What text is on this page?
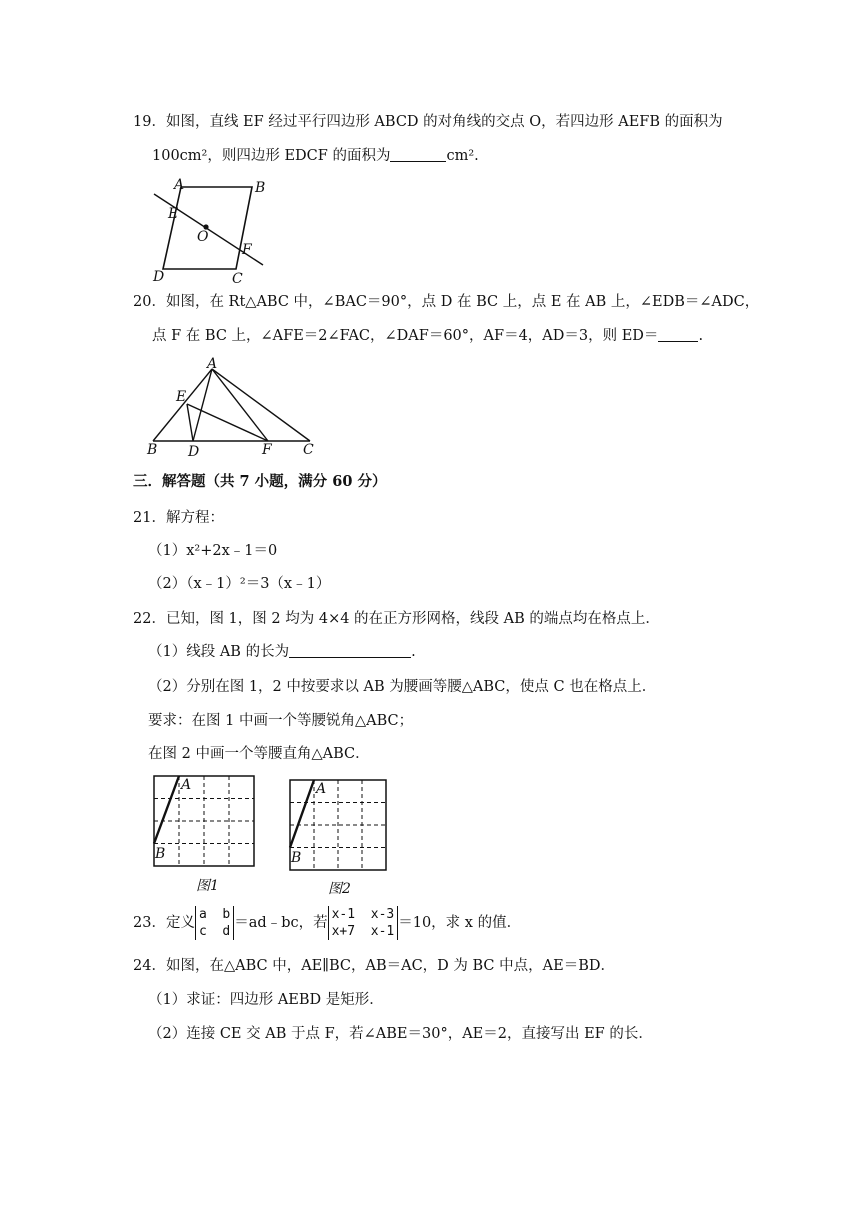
19．如图，直线 EF 经过平行四边形 ABCD 的对角线的交点 O，若四边形 AEFB 的面积为
100cm²，则四边形 EDCF 的面积为	cm².
A	B
C
D
E
F
O
20．如图，在 Rt△ABC 中，∠BAC＝90°，点 D 在 BC 上，点 E 在 AB 上，∠EDB＝∠ADC，
点 F 在 BC 上，∠AFE＝2∠FAC，∠DAF＝60°，AF＝4，AD＝3，则 ED＝	.
A
B	C
D
E
F
三．解答题（共 7 小题，满分 60 分）
21．解方程：
（1）x²+2x﹣1＝0
（2）（x﹣1）²＝3（x﹣1）
22．已知，图 1，图 2 均为 4×4 的在正方形网格，线段 AB 的端点均在格点上．
（1）线段 AB 的长为	.
（2）分别在图 1，2 中按要求以 AB 为腰画等腰△ABC，使点 C 也在格点上．
要求：在图 1 中画一个等腰锐角△ABC；
在图 2 中画一个等腰直角△ABC．
A
B
图1
A
B
图2
23．定义
a  b
c  d
＝ad﹣bc，若
x-1  x-3
x+7  x-1
＝10，求 x 的值．
24．如图，在△ABC 中，AE∥BC，AB＝AC，D 为 BC 中点，AE＝BD．
（1）求证：四边形 AEBD 是矩形．
（2）连接 CE 交 AB 于点 F，若∠ABE＝30°，AE＝2，直接写出 EF 的长．
